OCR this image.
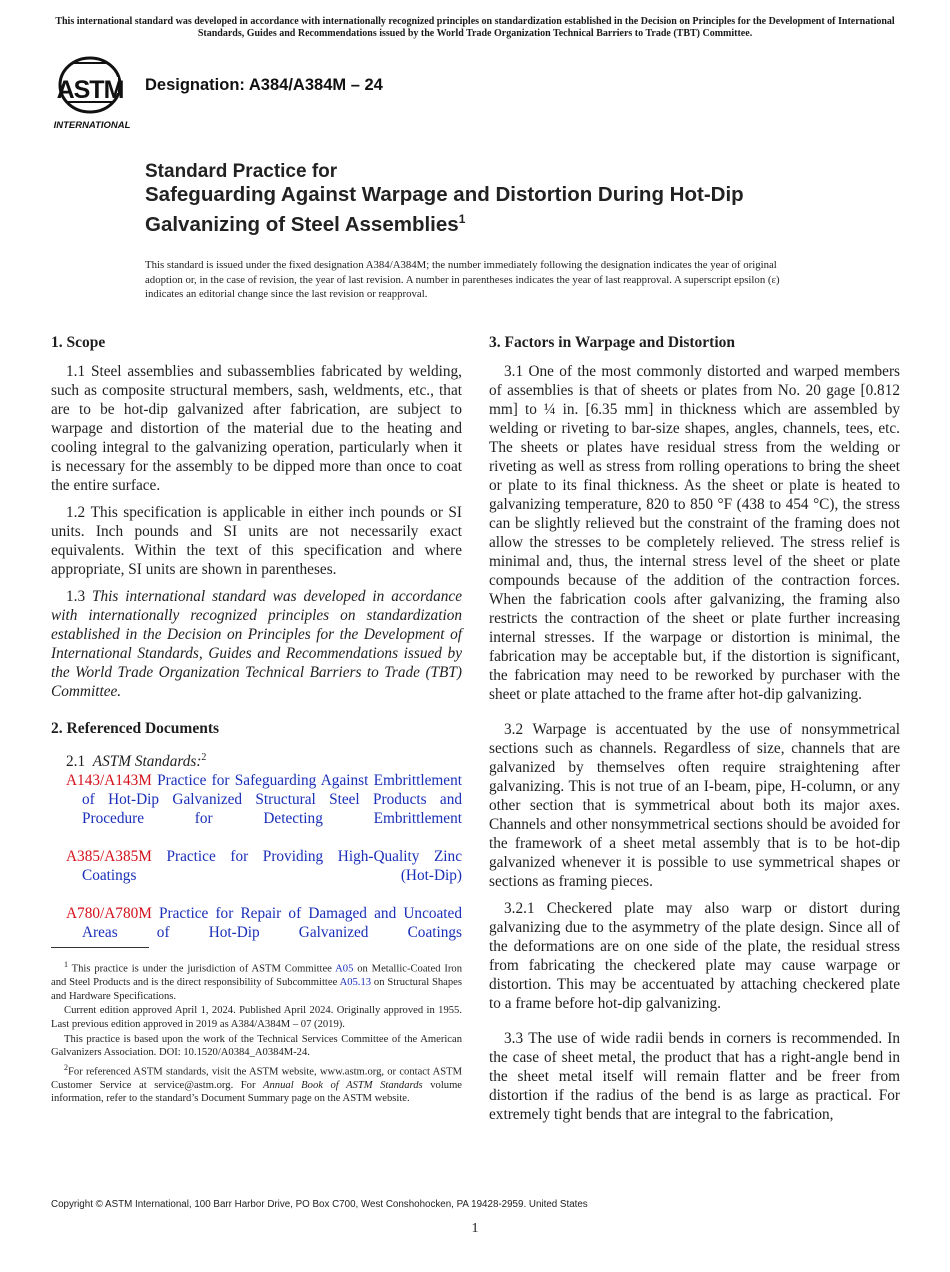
This international standard was developed in accordance with internationally recognized principles on standardization established in the Decision on Principles for the Development of International Standards, Guides and Recommendations issued by the World Trade Organization Technical Barriers to Trade (TBT) Committee.
ASTM
INTERNATIONAL
Designation: A384/A384M – 24
Standard Practice for
Safeguarding Against Warpage and Distortion During Hot-Dip Galvanizing of Steel Assemblies$^1$
This standard is issued under the fixed designation A384/A384M; the number immediately following the designation indicates the year of original adoption or, in the case of revision, the year of last revision. A number in parentheses indicates the year of last reapproval. A superscript epsilon (ε) indicates an editorial change since the last revision or reapproval.
1. Scope

1.1 Steel assemblies and subassemblies fabricated by welding, such as composite structural members, sash, weldments, etc., that are to be hot-dip galvanized after fabrication, are subject to warpage and distortion of the material due to the heating and cooling integral to the galvanizing operation, particularly when it is necessary for the assembly to be dipped more than once to coat the entire surface.

1.2 This specification is applicable in either inch pounds or SI units. Inch pounds and SI units are not necessarily exact equivalents. Within the text of this specification and where appropriate, SI units are shown in parentheses.

1.3 This international standard was developed in accordance with internationally recognized principles on standardization established in the Decision on Principles for the Development of International Standards, Guides and Recommendations issued by the World Trade Organization Technical Barriers to Trade (TBT) Committee.

2. Referenced Documents

2.1 ASTM Standards:$^2$

A143/A143M Practice for Safeguarding Against Embrittlement of Hot-Dip Galvanized Structural Steel Products and Procedure for Detecting Embrittlement

A385/A385M Practice for Providing High-Quality Zinc Coatings (Hot-Dip)

A780/A780M Practice for Repair of Damaged and Uncoated Areas of Hot-Dip Galvanized Coatings

$^1$ This practice is under the jurisdiction of ASTM Committee A05 on Metallic-Coated Iron and Steel Products and is the direct responsibility of Subcommittee A05.13 on Structural Shapes and Hardware Specifications.

Current edition approved April 1, 2024. Published April 2024. Originally approved in 1955. Last previous edition approved in 2019 as A384/A384M – 07 (2019).

This practice is based upon the work of the Technical Services Committee of the American Galvanizers Association. DOI: 10.1520/A0384_A0384M-24.

$^2$For referenced ASTM standards, visit the ASTM website, www.astm.org, or contact ASTM Customer Service at service@astm.org. For Annual Book of ASTM Standards volume information, refer to the standard’s Document Summary page on the ASTM website.

3. Factors in Warpage and Distortion

3.1 One of the most commonly distorted and warped members of assemblies is that of sheets or plates from No. 20 gage [0.812 mm] to ¼ in. [6.35 mm] in thickness which are assembled by welding or riveting to bar-size shapes, angles, channels, tees, etc. The sheets or plates have residual stress from the welding or riveting as well as stress from rolling operations to bring the sheet or plate to its final thickness. As the sheet or plate is heated to galvanizing temperature, 820 to 850 °F (438 to 454 °C), the stress can be slightly relieved but the constraint of the framing does not allow the stresses to be completely relieved. The stress relief is minimal and, thus, the internal stress level of the sheet or plate compounds because of the addition of the contraction forces. When the fabrication cools after galvanizing, the framing also restricts the contraction of the sheet or plate further increasing internal stresses. If the warpage or distortion is minimal, the fabrication may be acceptable but, if the distortion is significant, the fabrication may need to be reworked by purchaser with the sheet or plate attached to the frame after hot-dip galvanizing.

3.2 Warpage is accentuated by the use of nonsymmetrical sections such as channels. Regardless of size, channels that are galvanized by themselves often require straightening after galvanizing. This is not true of an I-beam, pipe, H-column, or any other section that is symmetrical about both its major axes. Channels and other nonsymmetrical sections should be avoided for the framework of a sheet metal assembly that is to be hot-dip galvanized whenever it is possible to use symmetrical shapes or sections as framing pieces.

3.2.1 Checkered plate may also warp or distort during galvanizing due to the asymmetry of the plate design. Since all of the deformations are on one side of the plate, the residual stress from fabricating the checkered plate may cause warpage or distortion. This may be accentuated by attaching checkered plate to a frame before hot-dip galvanizing.

3.3 The use of wide radii bends in corners is recommended. In the case of sheet metal, the product that has a right-angle bend in the sheet metal itself will remain flatter and be freer from distortion if the radius of the bend is as large as practical. For extremely tight bends that are integral to the fabrication,

Copyright © ASTM International, 100 Barr Harbor Drive, PO Box C700, West Conshohocken, PA 19428-2959. United States
1
